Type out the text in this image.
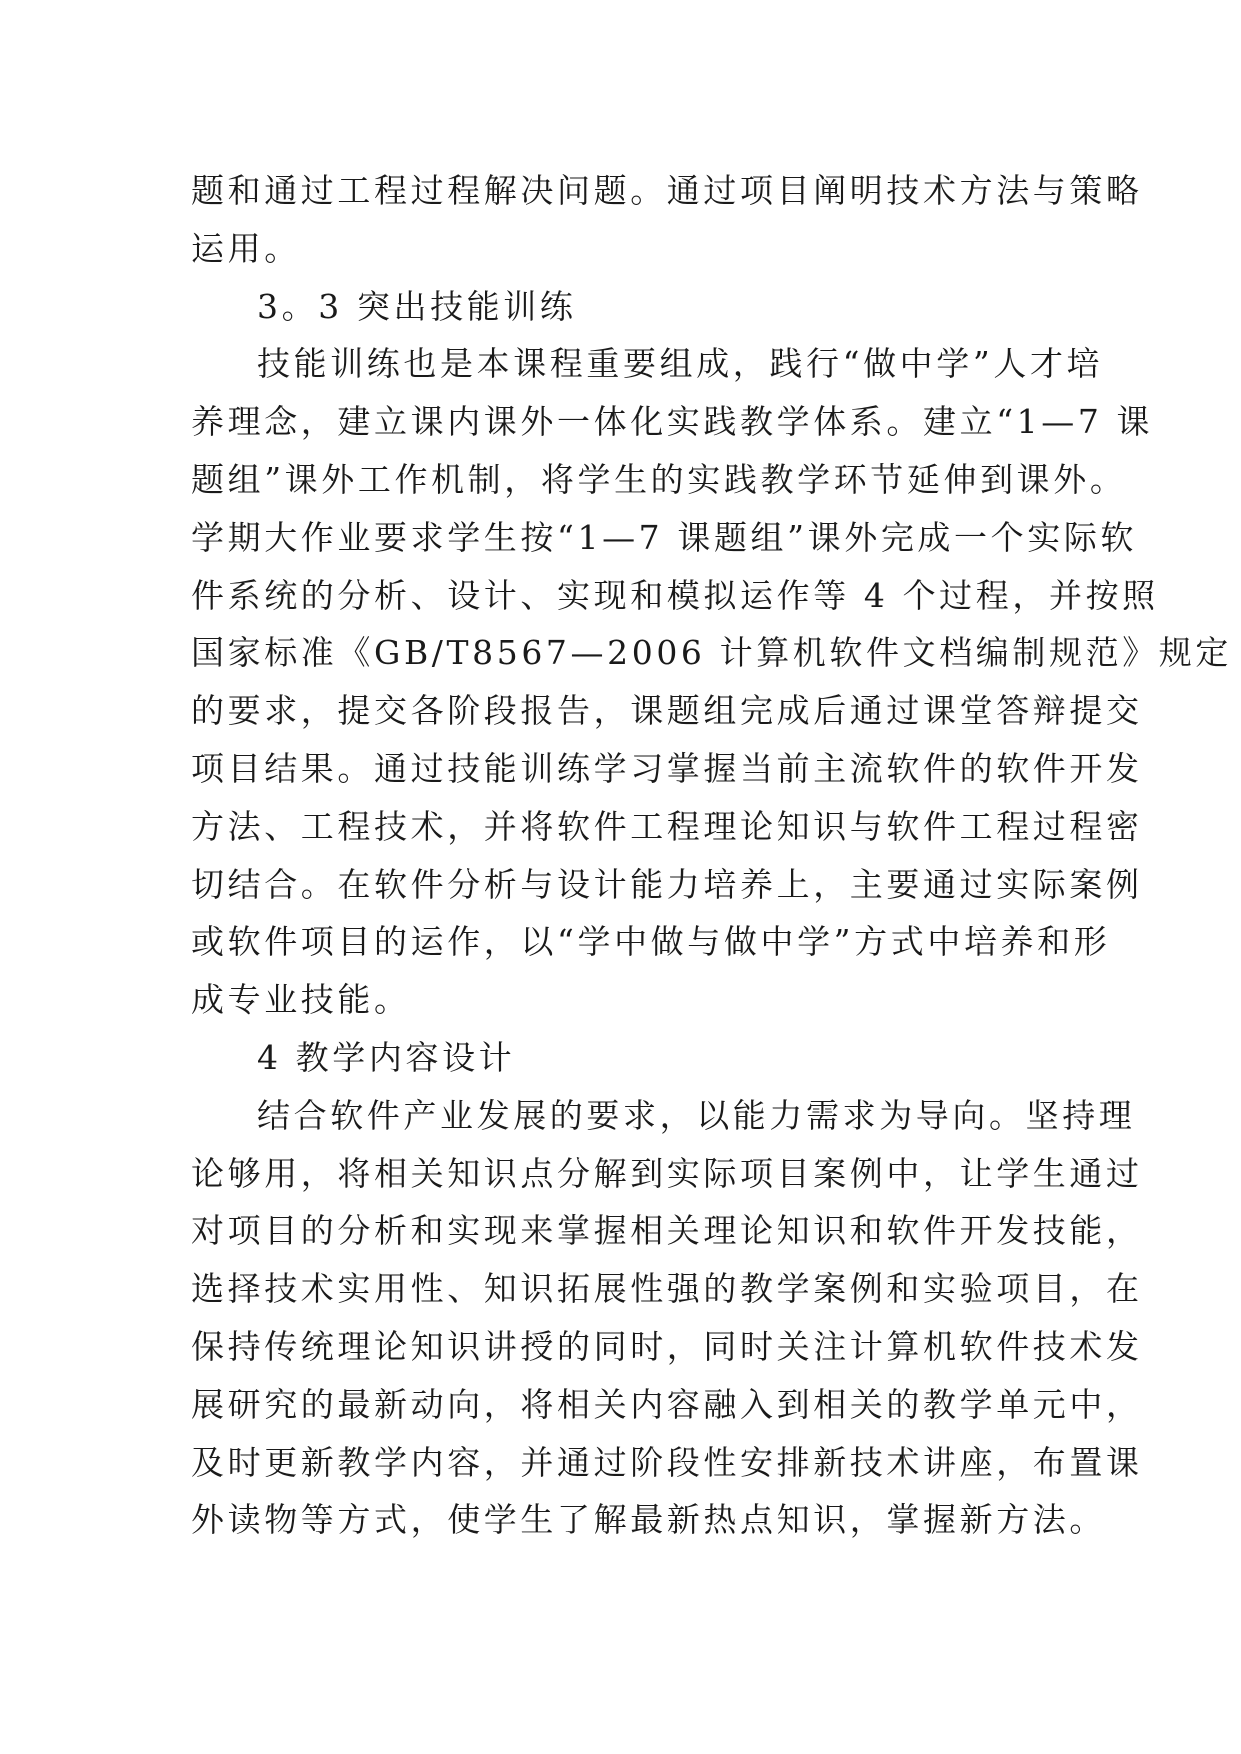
题和通过工程过程解决问题。通过项目阐明技术方法与策略
运用。
3。3 突出技能训练
技能训练也是本课程重要组成，践行“做中学”人才培
养理念，建立课内课外一体化实践教学体系。建立“1—7 课
题组”课外工作机制，将学生的实践教学环节延伸到课外。
学期大作业要求学生按“1—7 课题组”课外完成一个实际软
件系统的分析、设计、实现和模拟运作等 4 个过程，并按照
国家标准《GB/T8567—2006 计算机软件文档编制规范》规定
的要求，提交各阶段报告，课题组完成后通过课堂答辩提交
项目结果。通过技能训练学习掌握当前主流软件的软件开发
方法、工程技术，并将软件工程理论知识与软件工程过程密
切结合。在软件分析与设计能力培养上，主要通过实际案例
或软件项目的运作，以“学中做与做中学”方式中培养和形
成专业技能。
4 教学内容设计
结合软件产业发展的要求，以能力需求为导向。坚持理
论够用，将相关知识点分解到实际项目案例中，让学生通过
对项目的分析和实现来掌握相关理论知识和软件开发技能，
选择技术实用性、知识拓展性强的教学案例和实验项目，在
保持传统理论知识讲授的同时，同时关注计算机软件技术发
展研究的最新动向，将相关内容融入到相关的教学单元中，
及时更新教学内容，并通过阶段性安排新技术讲座，布置课
外读物等方式，使学生了解最新热点知识，掌握新方法。
